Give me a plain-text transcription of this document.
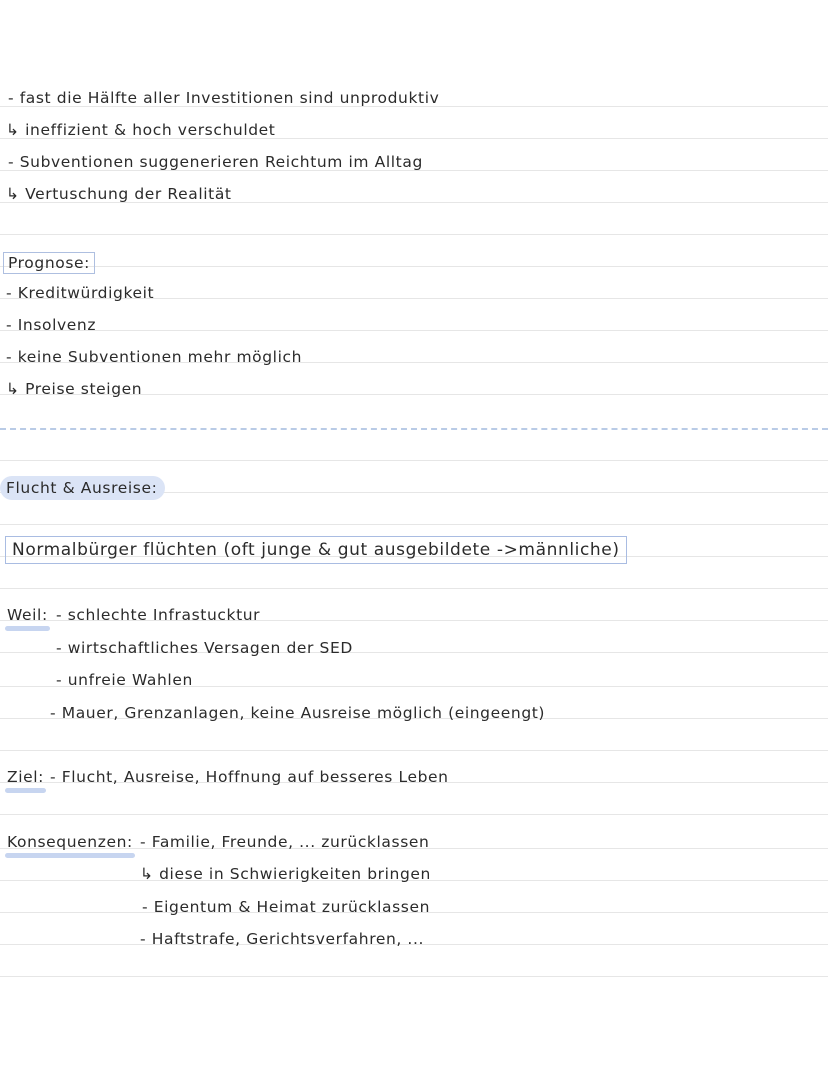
- fast die Hälfte aller Investitionen sind unproduktiv
↳ ineffizient & hoch verschuldet
- Subventionen suggenerieren Reichtum im Alltag
↳ Vertuschung der Realität
Prognose:
- Kreditwürdigkeit
- Insolvenz
- keine Subventionen mehr möglich
↳ Preise steigen
Flucht & Ausreise:
Normalbürger flüchten (oft junge & gut ausgebildete ->männliche)
Weil: - schlechte Infrastucktur
- wirtschaftliches Versagen der SED
- unfreie Wahlen
- Mauer, Grenzanlagen, keine Ausreise möglich (eingeengt)
Ziel: - Flucht, Ausreise, Hoffnung auf besseres Leben
Konsequenzen: - Familie, Freunde, ... zurücklassen
↳ diese in Schwierigkeiten bringen
- Eigentum & Heimat zurücklassen
- Haftstrafe, Gerichtsverfahren, ...
